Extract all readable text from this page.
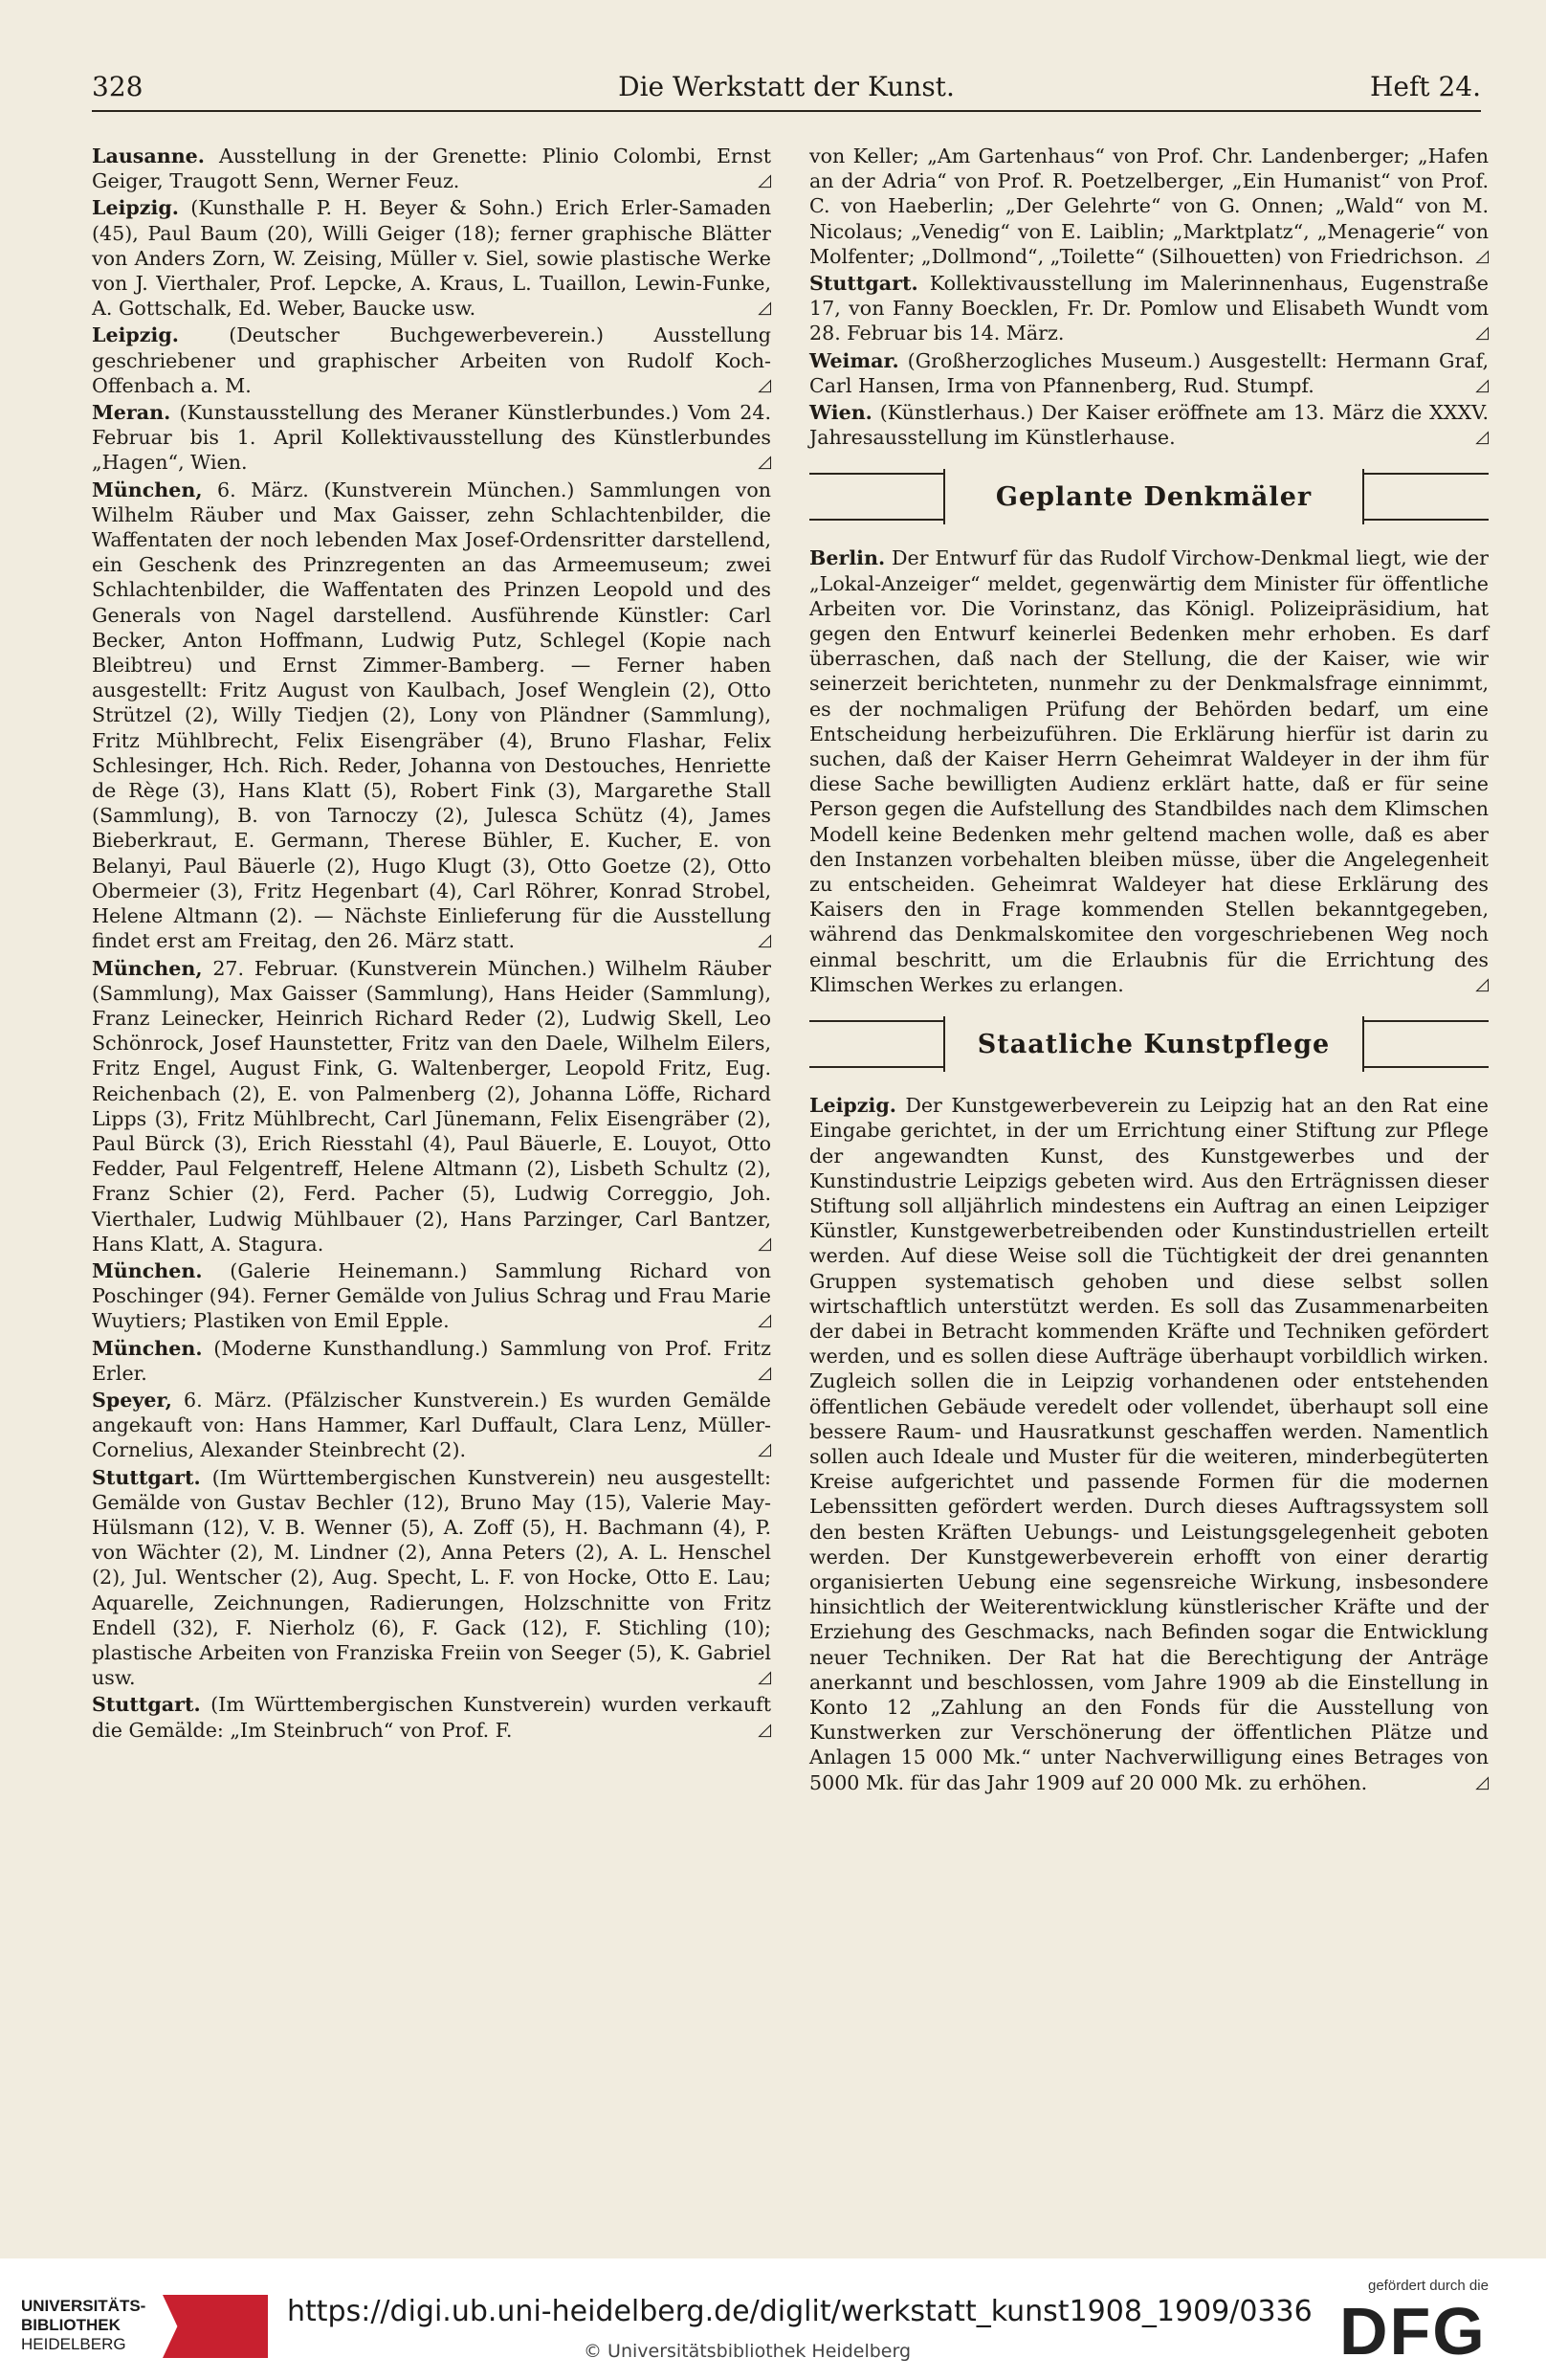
328	Die Werkstatt der Kunst.	Heft 24.

Lausanne. Ausstellung in der Grenette: Plinio Colombi, Ernst Geiger, Traugott Senn, Werner Feuz.	◿

Leipzig. (Kunsthalle P. H. Beyer & Sohn.) Erich Erler-Samaden (45), Paul Baum (20), Willi Geiger (18); ferner graphische Blätter von Anders Zorn, W. Zeising, Müller v. Siel, sowie plastische Werke von J. Vierthaler, Prof. Lepcke, A. Kraus, L. Tuaillon, Lewin-Funke, A. Gottschalk, Ed. Weber, Baucke usw.	◿

Leipzig. (Deutscher Buchgewerbeverein.) Ausstellung geschriebener und graphischer Arbeiten von Rudolf Koch-Offenbach a. M.	◿

Meran. (Kunstausstellung des Meraner Künstlerbundes.) Vom 24. Februar bis 1. April Kollektivausstellung des Künstlerbundes „Hagen“, Wien.	◿

München, 6. März. (Kunstverein München.) Sammlungen von Wilhelm Räuber und Max Gaisser, zehn Schlachtenbilder, die Waffentaten der noch lebenden Max Josef-Ordensritter darstellend, ein Geschenk des Prinzregenten an das Armeemuseum; zwei Schlachtenbilder, die Waffentaten des Prinzen Leopold und des Generals von Nagel darstellend. Ausführende Künstler: Carl Becker, Anton Hoffmann, Ludwig Putz, Schlegel (Kopie nach Bleibtreu) und Ernst Zimmer-Bamberg. — Ferner haben ausgestellt: Fritz August von Kaulbach, Josef Wenglein (2), Otto Strützel (2), Willy Tiedjen (2), Lony von Pländner (Sammlung), Fritz Mühlbrecht, Felix Eisengräber (4), Bruno Flashar, Felix Schlesinger, Hch. Rich. Reder, Johanna von Destouches, Henriette de Rège (3), Hans Klatt (5), Robert Fink (3), Margarethe Stall (Sammlung), B. von Tarnoczy (2), Julesca Schütz (4), James Bieberkraut, E. Germann, Therese Bühler, E. Kucher, E. von Belanyi, Paul Bäuerle (2), Hugo Klugt (3), Otto Goetze (2), Otto Obermeier (3), Fritz Hegenbart (4), Carl Röhrer, Konrad Strobel, Helene Altmann (2). — Nächste Einlieferung für die Ausstellung findet erst am Freitag, den 26. März statt.	◿

München, 27. Februar. (Kunstverein München.) Wilhelm Räuber (Sammlung), Max Gaisser (Sammlung), Hans Heider (Sammlung), Franz Leinecker, Heinrich Richard Reder (2), Ludwig Skell, Leo Schönrock, Josef Haunstetter, Fritz van den Daele, Wilhelm Eilers, Fritz Engel, August Fink, G. Waltenberger, Leopold Fritz, Eug. Reichenbach (2), E. von Palmenberg (2), Johanna Löffe, Richard Lipps (3), Fritz Mühlbrecht, Carl Jünemann, Felix Eisengräber (2), Paul Bürck (3), Erich Riesstahl (4), Paul Bäuerle, E. Louyot, Otto Fedder, Paul Felgentreff, Helene Altmann (2), Lisbeth Schultz (2), Franz Schier (2), Ferd. Pacher (5), Ludwig Correggio, Joh. Vierthaler, Ludwig Mühlbauer (2), Hans Parzinger, Carl Bantzer, Hans Klatt, A. Stagura.	◿

München. (Galerie Heinemann.) Sammlung Richard von Poschinger (94). Ferner Gemälde von Julius Schrag und Frau Marie Wuytiers; Plastiken von Emil Epple.	◿

München. (Moderne Kunsthandlung.) Sammlung von Prof. Fritz Erler.	◿

Speyer, 6. März. (Pfälzischer Kunstverein.) Es wurden Gemälde angekauft von: Hans Hammer, Karl Duffault, Clara Lenz, Müller-Cornelius, Alexander Steinbrecht (2).	◿

Stuttgart. (Im Württembergischen Kunstverein) neu ausgestellt: Gemälde von Gustav Bechler (12), Bruno May (15), Valerie May-Hülsmann (12), V. B. Wenner (5), A. Zoff (5), H. Bachmann (4), P. von Wächter (2), M. Lindner (2), Anna Peters (2), A. L. Henschel (2), Jul. Wentscher (2), Aug. Specht, L. F. von Hocke, Otto E. Lau; Aquarelle, Zeichnungen, Radierungen, Holzschnitte von Fritz Endell (32), F. Nierholz (6), F. Gack (12), F. Stichling (10); plastische Arbeiten von Franziska Freiin von Seeger (5), K. Gabriel usw.	◿

Stuttgart. (Im Württembergischen Kunstverein) wurden verkauft die Gemälde: „Im Steinbruch“ von Prof. F.	◿

von Keller; „Am Gartenhaus“ von Prof. Chr. Landenberger; „Hafen an der Adria“ von Prof. R. Poetzelberger, „Ein Humanist“ von Prof. C. von Haeberlin; „Der Gelehrte“ von G. Onnen; „Wald“ von M. Nicolaus; „Venedig“ von E. Laiblin; „Marktplatz“, „Menagerie“ von Molfenter; „Dollmond“, „Toilette“ (Silhouetten) von Friedrichson. ◿

Stuttgart. Kollektivausstellung im Malerinnenhaus, Eugenstraße 17, von Fanny Boecklen, Fr. Dr. Pomlow und Elisabeth Wundt vom 28. Februar bis 14. März.	◿

Weimar. (Großherzogliches Museum.) Ausgestellt: Hermann Graf, Carl Hansen, Irma von Pfannenberg, Rud. Stumpf.	◿

Wien. (Künstlerhaus.) Der Kaiser eröffnete am 13. März die XXXV. Jahresausstellung im Künstlerhause.	◿

Geplante Denkmäler

Berlin. Der Entwurf für das Rudolf Virchow-Denkmal liegt, wie der „Lokal-Anzeiger“ meldet, gegenwärtig dem Minister für öffentliche Arbeiten vor. Die Vorinstanz, das Königl. Polizeipräsidium, hat gegen den Entwurf keinerlei Bedenken mehr erhoben. Es darf überraschen, daß nach der Stellung, die der Kaiser, wie wir seinerzeit berichteten, nunmehr zu der Denkmalsfrage einnimmt, es der nochmaligen Prüfung der Behörden bedarf, um eine Entscheidung herbeizuführen. Die Erklärung hierfür ist darin zu suchen, daß der Kaiser Herrn Geheimrat Waldeyer in der ihm für diese Sache bewilligten Audienz erklärt hatte, daß er für seine Person gegen die Aufstellung des Standbildes nach dem Klimschen Modell keine Bedenken mehr geltend machen wolle, daß es aber den Instanzen vorbehalten bleiben müsse, über die Angelegenheit zu entscheiden. Geheimrat Waldeyer hat diese Erklärung des Kaisers den in Frage kommenden Stellen bekanntgegeben, während das Denkmalskomitee den vorgeschriebenen Weg noch einmal beschritt, um die Erlaubnis für die Errichtung des Klimschen Werkes zu erlangen.	◿

Staatliche Kunstpflege

Leipzig. Der Kunstgewerbeverein zu Leipzig hat an den Rat eine Eingabe gerichtet, in der um Errichtung einer Stiftung zur Pflege der angewandten Kunst, des Kunstgewerbes und der Kunstindustrie Leipzigs gebeten wird. Aus den Erträgnissen dieser Stiftung soll alljährlich mindestens ein Auftrag an einen Leipziger Künstler, Kunstgewerbetreibenden oder Kunstindustriellen erteilt werden. Auf diese Weise soll die Tüchtigkeit der drei genannten Gruppen systematisch gehoben und diese selbst sollen wirtschaftlich unterstützt werden. Es soll das Zusammenarbeiten der dabei in Betracht kommenden Kräfte und Techniken gefördert werden, und es sollen diese Aufträge überhaupt vorbildlich wirken. Zugleich sollen die in Leipzig vorhandenen oder entstehenden öffentlichen Gebäude veredelt oder vollendet, überhaupt soll eine bessere Raum- und Hausratkunst geschaffen werden. Namentlich sollen auch Ideale und Muster für die weiteren, minderbegüterten Kreise aufgerichtet und passende Formen für die modernen Lebenssitten gefördert werden. Durch dieses Auftragssystem soll den besten Kräften Uebungs- und Leistungsgelegenheit geboten werden. Der Kunstgewerbeverein erhofft von einer derartig organisierten Uebung eine segensreiche Wirkung, insbesondere hinsichtlich der Weiterentwicklung künstlerischer Kräfte und der Erziehung des Geschmacks, nach Befinden sogar die Entwicklung neuer Techniken. Der Rat hat die Berechtigung der Anträge anerkannt und beschlossen, vom Jahre 1909 ab die Einstellung in Konto 12 „Zahlung an den Fonds für die Ausstellung von Kunstwerken zur Verschönerung der öffentlichen Plätze und Anlagen 15 000 Mk.“ unter Nachverwilligung eines Betrages von 5000 Mk. für das Jahr 1909 auf 20 000 Mk. zu erhöhen.	◿

UNIVERSITÄTS-
BIBLIOTHEK
HEIDELBERG
https://digi.ub.uni-heidelberg.de/diglit/werkstatt_kunst1908_1909/0336
© Universitätsbibliothek Heidelberg
gefördert durch die
DFG
